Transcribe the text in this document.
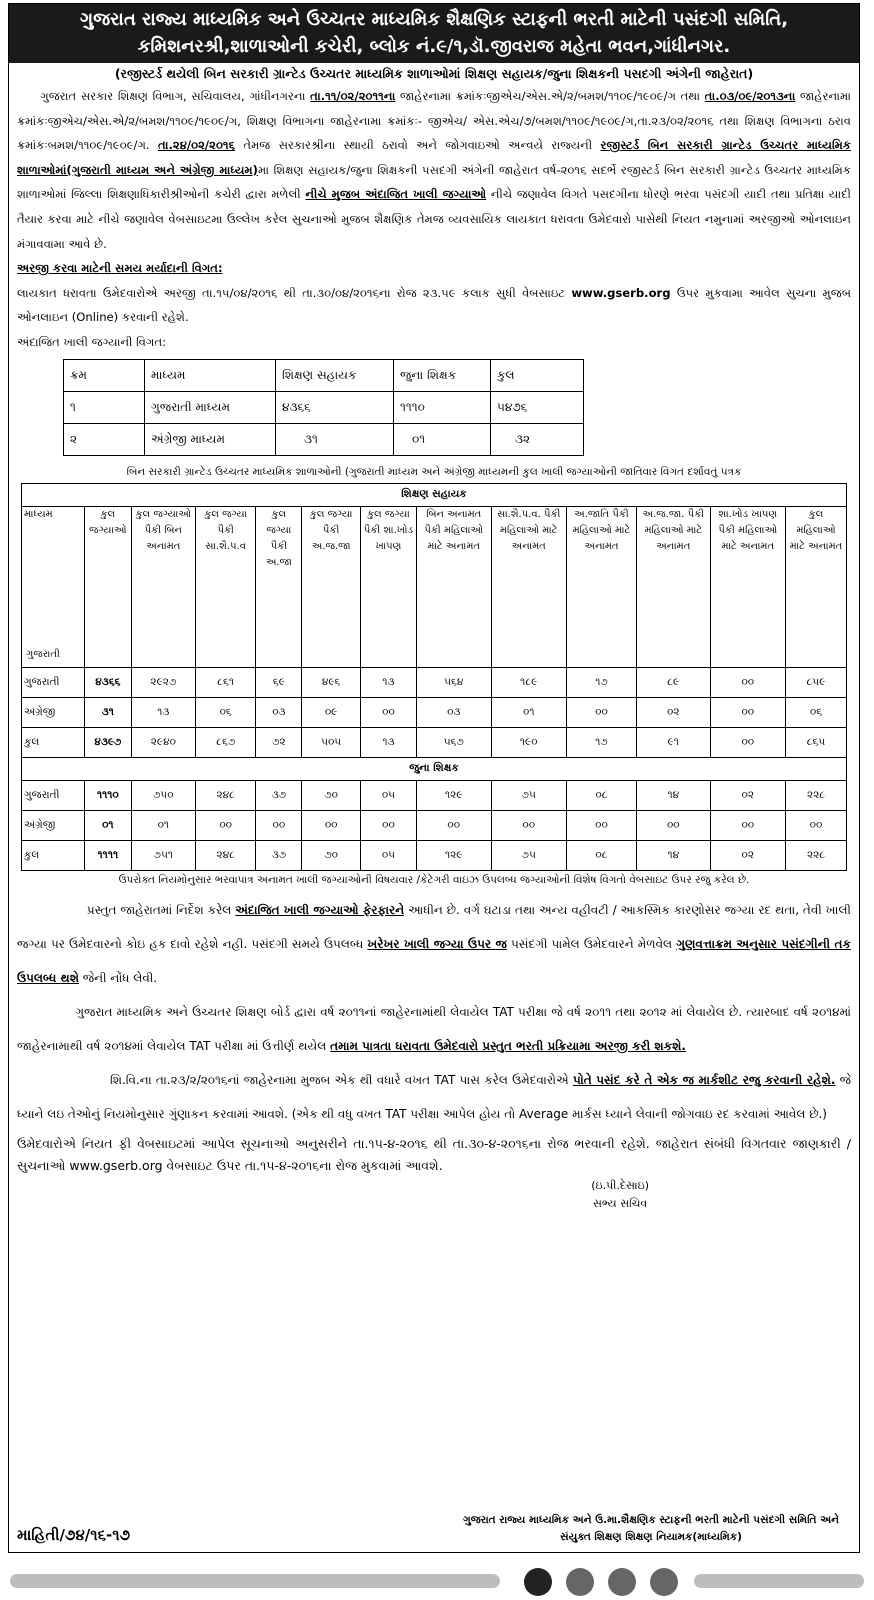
ગુજરાત રાજ્ય માધ્યમિક અને ઉચ્ચતર માધ્યમિક શૈક્ષણિક સ્ટાફની ભરતી માટેની પસંદગી સમિતિ,
કમિશનરશ્રી,શાળાઓની કચેરી, બ્લોક નં.૯/૧,ડૉ.જીવરાજ મહેતા ભવન,ગાંધીનગર.
(રજીસ્ટર્ડ થયેલી બિન સરકારી ગ્રાન્ટેડ ઉચ્ચતર માધ્યમિક શાળાઓમાં શિક્ષણ સહાયક/જુના શિક્ષકની પસદગી અંગેની જાહેરાત)

ગુજરાત સરકાર શિક્ષણ વિભાગ, સચિવાલય, ગાંધીનગરના તા.૧૧/૦૨/૨૦૧૧ના જાહેરનામા ક્રમાંકઃજીએચ/એસ.એ/૨/બમશ/૧૧૦૯/૧૯૦૯/ગ તથા તા.૦૩/૦૯/૨૦૧૩ના જાહેરનામા ક્રમાંકઃજીએચ/એસ.એ/૨/બમશ/૧૧૦૯/૧૯૦૯/ગ, શિક્ષણ વિભાગના જાહેરનામા ક્રમાંકઃ- જીએચ/ એસ.એચ/૭/બમશ/૧૧૦૯/૧૯૦૯/ગ,તા.૨૩/૦૨/૨૦૧૬ તથા શિક્ષણ વિભાગના ઠરાવ ક્રમાંકઃબમશ/૧૧૦૯/૧૯૦૯/ગ. તા.૨૪/૦૨/૨૦૧૬ તેમજ સરકારશ્રીના સ્થાયી ઠરાવો અને જોગવાઇઓ અન્વયે રાજ્યની રજીસ્ટર્ડ બિન સરકારી ગ્રાન્ટેડ ઉચ્ચતર માધ્યમિક શાળાઓમાં(ગુજરાતી માધ્યમ અને અંગ્રેજી માધ્યમ)મા શિક્ષણ સહાયક/જુના શિક્ષકની પસદગી અંગેની જાહેરાત વર્ષ-૨૦૧૬ સદર્ભે રજીસ્ટર્ડ બિન સરકારી ગ્રાન્ટેડ ઉચ્ચતર માધ્યમિક શાળાઓમાં જિલ્લા શિક્ષણાધિકારીશ્રીઓની કચેરી દ્વારા મળેલી નીચે મુજબ અંદાજિત ખાલી જગ્યાઓ નીચે જણાવેલ વિગતે પસદગીના ધોરણે ભરવા પસંદગી યાદી તથા પ્રતિક્ષા યાદી તૈયાર કરવા માટે નીચે જણાવેલ વેબસાઇટમા ઉલ્લેખ કરેલ સુચનાઓ મુજબ શૈક્ષણિક તેમજ વ્યવસાયિક લાયકાત ધરાવતા ઉમેદવારો પાસેથી નિયત નમુનામાં અરજીઓ ઓનલાઇન મંગાવવામા આવે છે.

અરજી કરવા માટેની સમય મર્યાદાની વિગત:

લાયકાત ધરાવતા ઉમેદવારોએ અરજી તા.૧૫/૦૪/૨૦૧૬ થી તા.૩૦/૦૪/૨૦૧૬ના રોજ ૨૩.૫૯ કલાક સુધી વેબસાઇટ www.gserb.org ઉપર મુકવામા આવેલ સુચના મુજબ ઓનલાઇન (Online) કરવાની રહેશે.

અંદાજિત ખાલી જગ્યાની વિગત:

ક્રમ	માધ્યમ	શિક્ષણ સહાયક	જુના શિક્ષક	કુલ
૧	ગુજરાતી માધ્યમ	૪૩૬૬	૧૧૧૦	૫૪૭૬
૨	અંગ્રેજી માધ્યમ	૩૧	૦૧	૩૨
બિન સરકારી ગ્રાન્ટેડ ઉચ્ચતર માધ્યમિક શાળાઓની (ગુજરાતી માધ્યમ અને અંગ્રેજી માધ્યમની કુલ ખાલી જગ્યાઓની જાતિવાર વિગત દર્શાવતું પત્રક
શિક્ષણ સહાયક												

માધ્યમ
ગુજરાતી	કુલ જગ્યાઓ	કુલ જગ્યાઓ પૈકી બિન અનામત	કુલ જગ્યા પૈકી સા.શૈ.પ.વ	કુલ જગ્યા પૈકી અ.જા	કુલ જગ્યા પૈકી અ.જ.જા	કુલ જગ્યા પૈકી શા.ખોડ ખાપણ	બિન અનામત પૈકી મહિલાઓ માટે અનામત	સા.શૈ.પ.વ. પૈકી મહિલાઓ માટે અનામત	અ.જાતિ પૈકી મહિલાઓ માટે અનામત	અ.જ.જા. પૈકી મહિલાઓ માટે અનામત	શા.ખોડ ખાપણ પૈકી મહિલાઓ માટે અનામત	કુલ મહિલાઓ માટે અનામત
ગુજરાતી	૪૩૬૬	૨૯૨૭	૮૬૧	૬૯	૪૯૬	૧૩	૫૬૪	૧૮૯	૧૭	૮૯	૦૦	૮૫૯
અંગ્રેજી	૩૧	૧૩	૦૬	૦૩	૦૯	૦૦	૦૩	૦૧	૦૦	૦૨	૦૦	૦૬
કુલ	૪૩૯૭	૨૯૪૦	૮૬૭	૭૨	૫૦૫	૧૩	૫૬૭	૧૯૦	૧૭	૯૧	૦૦	૮૬૫
જુના શિક્ષક												
ગુજરાતી	૧૧૧૦	૭૫૦	૨૪૮	૩૭	૭૦	૦૫	૧૨૯	૭૫	૦૮	૧૪	૦૨	૨૨૮
અંગ્રેજી	૦૧	૦૧	૦૦	૦૦	૦૦	૦૦	૦૦	૦૦	૦૦	૦૦	૦૦	૦૦
કુલ	૧૧૧૧	૭૫૧	૨૪૮	૩૭	૭૦	૦૫	૧૨૯	૭૫	૦૮	૧૪	૦૨	૨૨૮
ઉપરોક્ત નિયમોનુસાર ભરવાપાત્ર અનામત ખાલી જગ્યાઓની વિષયવાર /કેટેગરી વાઇઝ ઉપલબ્ધ જગ્યાઓની વિશેષ વિગતો વેબસાઇટ ઉપર રજુ કરેલ છે.

પ્રસ્તુત જાહેરાતમાં નિર્દેશ કરેલ અંદાજિત ખાલી જગ્યાઓ ફેરફારને આધીન છે. વર્ગ ઘટાડા તથા અન્ય વહીવટી / આકસ્મિક કારણોસર જગ્યા રદ થતા, તેવી ખાલી જગ્યા પર ઉમેદવારનો કોઇ હક દાવો રહેશે નહી. પસંદગી સમયે ઉપલબ્ધ ખરેખર ખાલી જગ્યા ઉપર જ પસંદગી પામેલ ઉમેદવારને મેળવેલ ગુણવત્તાક્રમ અનુસાર પસંદગીની તક ઉપલબ્ધ થશે જેની નોંધ લેવી.

ગુજરાત માધ્યમિક અને ઉચ્ચતર શિક્ષણ બોર્ડ દ્વારા વર્ષ ૨૦૧૧નાં જાહેરનામાંથી લેવાયેલ TAT પરીક્ષા જે વર્ષ ૨૦૧૧ તથા ૨૦૧૨ માં લેવાયેલ છે. ત્યારબાદ વર્ષ ૨૦૧૪માં જાહેરનામાથી વર્ષ ૨૦૧૪માં લેવાયેલ TAT પરીક્ષા માં ઉત્તીર્ણ થયેલ તમામ પાત્રતા ધરાવતા ઉમેદવારો પ્રસ્તુત ભરતી પ્રક્રિયામા અરજી કરી શકશે.

શિ.વિ.ના તા.૨૩/૨/૨૦૧૬નાં જાહેરનામા મુજબ એક થી વધારે વખત TAT પાસ કરેલ ઉમેદવારોએ પોતે પસંદ કરે તે એક જ માર્કશીટ રજુ કરવાની રહેશે. જે ધ્યાને લઇ તેઓનું નિયમોનુસાર ગુંણાકન કરવામાં આવશે. (એક થી વધુ વખત TAT પરીક્ષા આપેલ હોય તો Average માર્કસ ધ્યાને લેવાની જોગવાઇ રદ કરવામાં આવેલ છે.)

ઉમેદવારોએ નિયત ફી વેબસાઇટમાં આપેલ સૂચનાઓ અનુસરીને તા.૧૫-૪-૨૦૧૬ થી તા.૩૦-૪-૨૦૧૬ના રોજ ભરવાની રહેશે. જાહેરાત સંબંધી વિગતવાર જાણકારી /સુચનાઓ www.gserb.org વેબસાઇટ ઉપર તા.૧૫-૪-૨૦૧૬ના રોજ મુકવામાં આવશે.
(ઇ.પી.દેસાઇ)
સભ્ય સચિવ
માહિતી/૭૪/૧૬-૧૭
ગુજરાત રાજ્ય માધ્યમિક અને ઉ.મા.શૈક્ષણિક સ્ટાફની ભરતી માટેની પસંદગી સમિતિ અને
સંયુક્ત શિક્ષણ શિક્ષણ નિયામક(માધ્યમિક)
